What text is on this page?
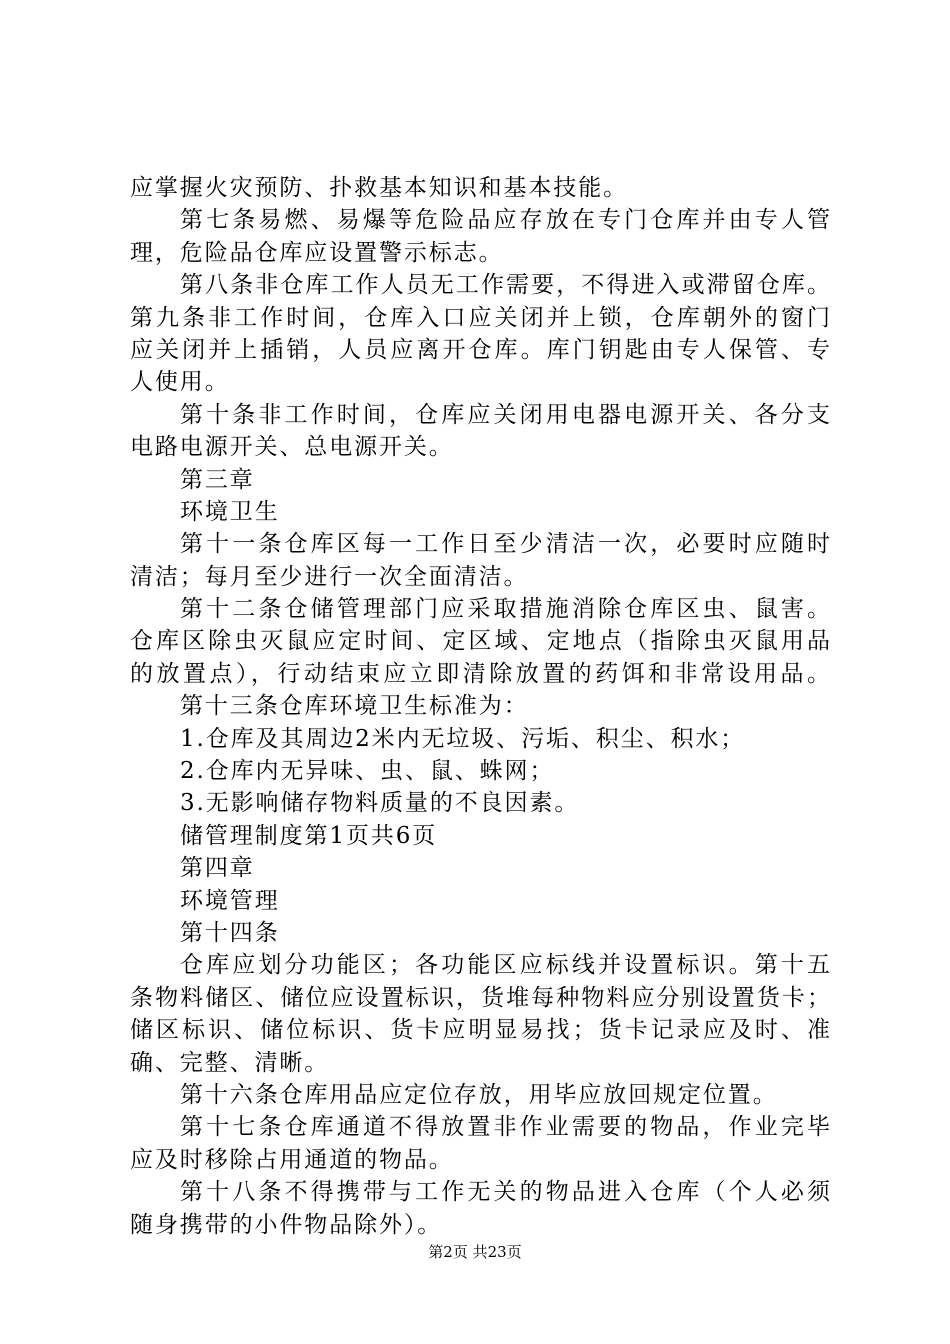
应掌握火灾预防、扑救基本知识和基本技能。
第七条易燃、易爆等危险品应存放在专门仓库并由专人管
理，危险品仓库应设置警示标志。
第八条非仓库工作人员无工作需要，不得进入或滞留仓库。
第九条非工作时间，仓库入口应关闭并上锁，仓库朝外的窗门
应关闭并上插销，人员应离开仓库。库门钥匙由专人保管、专
人使用。
第十条非工作时间，仓库应关闭用电器电源开关、各分支
电路电源开关、总电源开关。
第三章
环境卫生
第十一条仓库区每一工作日至少清洁一次，必要时应随时
清洁；每月至少进行一次全面清洁。
第十二条仓储管理部门应采取措施消除仓库区虫、鼠害。
仓库区除虫灭鼠应定时间、定区域、定地点（指除虫灭鼠用品
的放置点），行动结束应立即清除放置的药饵和非常设用品。
第十三条仓库环境卫生标准为：
1.仓库及其周边2米内无垃圾、污垢、积尘、积水；
2.仓库内无异味、虫、鼠、蛛网；
3.无影响储存物料质量的不良因素。
储管理制度第1页共6页
第四章
环境管理
第十四条
仓库应划分功能区；各功能区应标线并设置标识。第十五
条物料储区、储位应设置标识，货堆每种物料应分别设置货卡；
储区标识、储位标识、货卡应明显易找；货卡记录应及时、准
确、完整、清晰。
第十六条仓库用品应定位存放，用毕应放回规定位置。
第十七条仓库通道不得放置非作业需要的物品，作业完毕
应及时移除占用通道的物品。
第十八条不得携带与工作无关的物品进入仓库（个人必须
随身携带的小件物品除外）。
第2页 共23页
